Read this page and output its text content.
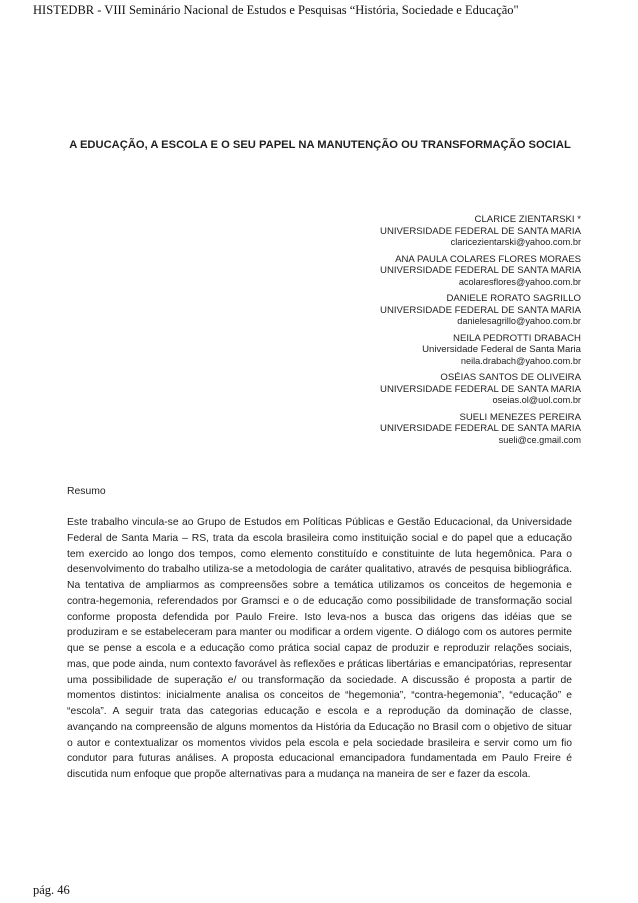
HISTEDBR - VIII Seminário Nacional de Estudos e Pesquisas “História, Sociedade e Educação"
A EDUCAÇÃO, A ESCOLA E O SEU PAPEL NA MANUTENÇÃO OU TRANSFORMAÇÃO SOCIAL
CLARICE ZIENTARSKI *
UNIVERSIDADE FEDERAL DE SANTA MARIA
claricezientarski@yahoo.com.br
ANA PAULA COLARES FLORES MORAES
UNIVERSIDADE FEDERAL DE SANTA MARIA
acolaresflores@yahoo.com.br
DANIELE RORATO SAGRILLO
UNIVERSIDADE FEDERAL DE SANTA MARIA
danielesagrillo@yahoo.com.br
NEILA PEDROTTI DRABACH
Universidade Federal de Santa Maria
neila.drabach@yahoo.com.br
OSÉIAS SANTOS DE OLIVEIRA
UNIVERSIDADE FEDERAL DE SANTA MARIA
oseias.ol@uol.com.br
SUELI MENEZES PEREIRA
UNIVERSIDADE FEDERAL DE SANTA MARIA
sueli@ce.gmail.com
Resumo
Este trabalho vincula-se ao Grupo de Estudos em Políticas Públicas e Gestão Educacional, da Universidade Federal de Santa Maria – RS, trata da escola brasileira como instituição social e do papel que a educação tem exercido ao longo dos tempos, como elemento constituído e constituinte de luta hegemônica. Para o desenvolvimento do trabalho utiliza-se a metodologia de caráter qualitativo, através de pesquisa bibliográfica. Na tentativa de ampliarmos as compreensões sobre a temática utilizamos os conceitos de hegemonia e contra-hegemonia, referendados por Gramsci e o de educação como possibilidade de transformação social conforme proposta defendida por Paulo Freire. Isto leva-nos a busca das origens das idéias que se produziram e se estabeleceram para manter ou modificar a ordem vigente. O diálogo com os autores permite que se pense a escola e a educação como prática social capaz de produzir e reproduzir relações sociais, mas, que pode ainda, num contexto favorável às reflexões e práticas libertárias e emancipatórias, representar uma possibilidade de superação e/ ou transformação da sociedade. A discussão é proposta a partir de momentos distintos: inicialmente analisa os conceitos de “hegemonia”, “contra-hegemonia”, “educação” e “escola”. A seguir trata das categorias educação e escola e a reprodução da dominação de classe, avançando na compreensão de alguns momentos da História da Educação no Brasil com o objetivo de situar o autor e contextualizar os momentos vividos pela escola e pela sociedade brasileira e servir como um fio condutor para futuras análises. A proposta educacional emancipadora fundamentada em Paulo Freire é discutida num enfoque que propõe alternativas para a mudança na maneira de ser e fazer da escola.
pág. 46
